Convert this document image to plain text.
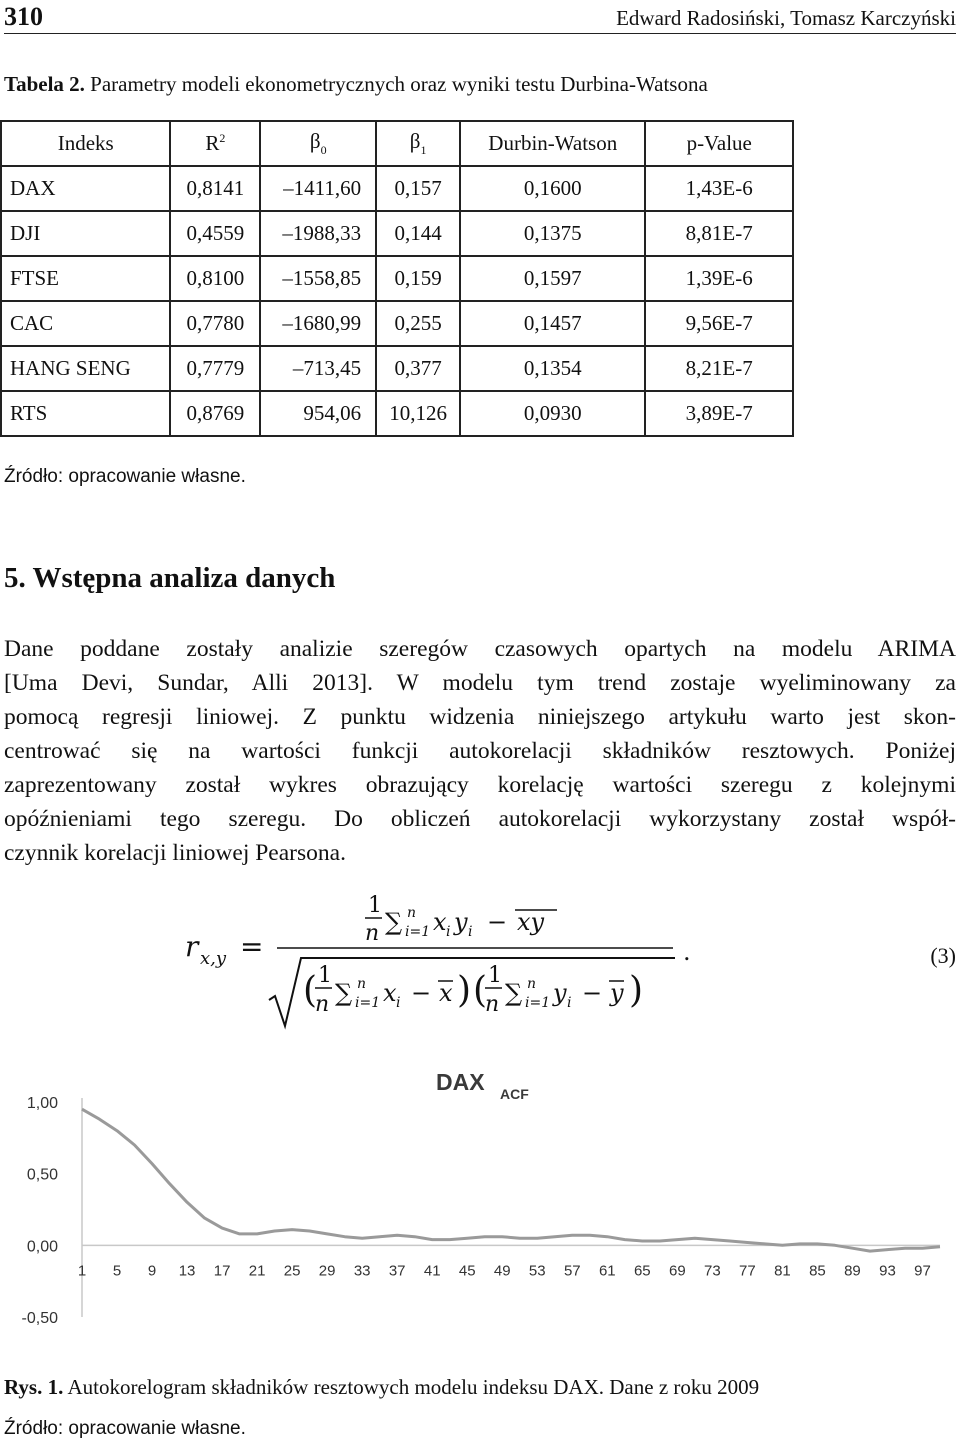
310	Edward Radosiński, Tomasz Karczyński
Tabela 2. Parametry modeli ekonometrycznych oraz wyniki testu Durbina-Watsona
Indeks	$R^2$	$\beta_0$	$\beta_1$	Durbin-Watson	p-Value
DAX	0,8141	–1411,60	0,157	0,1600	1,43E-6
DJI	0,4559	–1988,33	0,144	0,1375	8,81E-7
FTSE	0,8100	–1558,85	0,159	0,1597	1,39E-6
CAC	0,7780	–1680,99	0,255	0,1457	9,56E-7
HANG SENG	0,7779	–713,45	0,377	0,1354	8,21E-7
RTS	0,8769	954,06	10,126	0,0930	3,89E-7
Źródło: opracowanie własne.
5. Wstępna analiza danych
Dane poddane zostały analizie szeregów czasowych opartych na modelu ARIMA
[Uma Devi, Sundar, Alli 2013]. W modelu tym trend zostaje wyeliminowany za
pomocą regresji liniowej. Z punktu widzenia niniejszego artykułu warto jest skon-
centrować się na wartości funkcji autokorelacji składników resztowych. Poniżej
zaprezentowany został wykres obrazujący korelację wartości szeregu z kolejnymi
opóźnieniami tego szeregu. Do obliczeń autokorelacji wykorzystany został współ-
czynnik korelacji liniowej Pearsona.
r x,y =
1
n ∑ n
i=1 x i y i − xy
( 1
n ∑ n
i=1 x i − x ) ( 1
n ∑ n
i=1 y i − y )
.	(3)
1,00
0,50
0,00
-0,50
1 5 9 13 17 21 25 29 33 37 41 45 49 53 57 61 65 69 73 77 81 85 89 93 97
DAX ACF
Rys. 1. Autokorelogram składników resztowych modelu indeksu DAX. Dane z roku 2009
Źródło: opracowanie własne.
